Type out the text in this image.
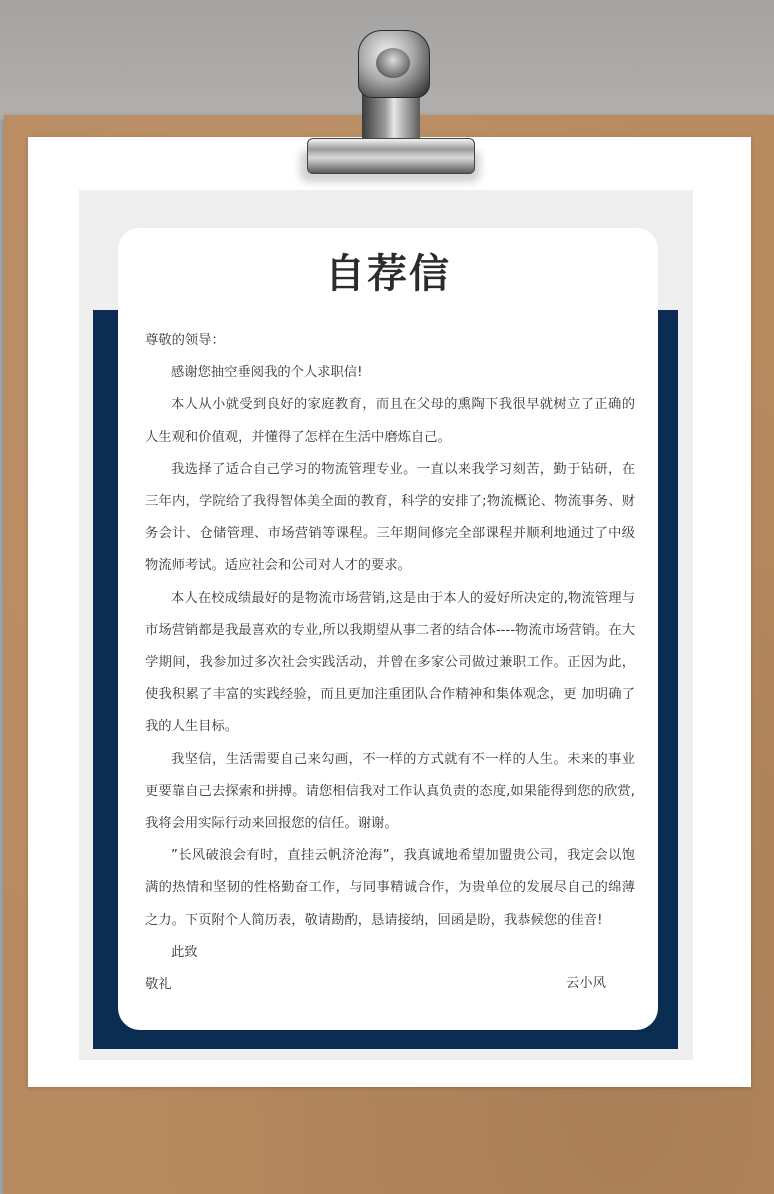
自荐信

尊敬的领导：

感谢您抽空垂阅我的个人求职信!

本人从小就受到良好的家庭教育，而且在父母的熏陶下我很早就树立了正确的人生观和价值观，并懂得了怎样在生活中磨炼自己。

我选择了适合自己学习的物流管理专业。一直以来我学习刻苦，勤于钻研，在三年内，学院给了我得智体美全面的教育，科学的安排了;物流概论、物流事务、财务会计、仓储管理、市场营销等课程。三年期间修完全部课程并顺利地通过了中级物流师考试。适应社会和公司对人才的要求。

本人在校成绩最好的是物流市场营销,这是由于本人的爱好所决定的,物流管理与市场营销都是我最喜欢的专业,所以我期望从事二者的结合体----物流市场营销。在大学期间，我参加过多次社会实践活动，并曾在多家公司做过兼职工作。正因为此，使我积累了丰富的实践经验，而且更加注重团队合作精神和集体观念，更 加明确了我的人生目标。

我坚信，生活需要自己来勾画，不一样的方式就有不一样的人生。未来的事业更要靠自己去探索和拼搏。请您相信我对工作认真负责的态度,如果能得到您的欣赏,我将会用实际行动来回报您的信任。谢谢。

”长风破浪会有时，直挂云帆济沧海”，我真诚地希望加盟贵公司，我定会以饱满的热情和坚韧的性格勤奋工作，与同事精诚合作，为贵单位的发展尽自己的绵薄之力。下页附个人简历表，敬请勘酌，恳请接纳，回函是盼，我恭候您的佳音!

此致

敬礼	云小风
